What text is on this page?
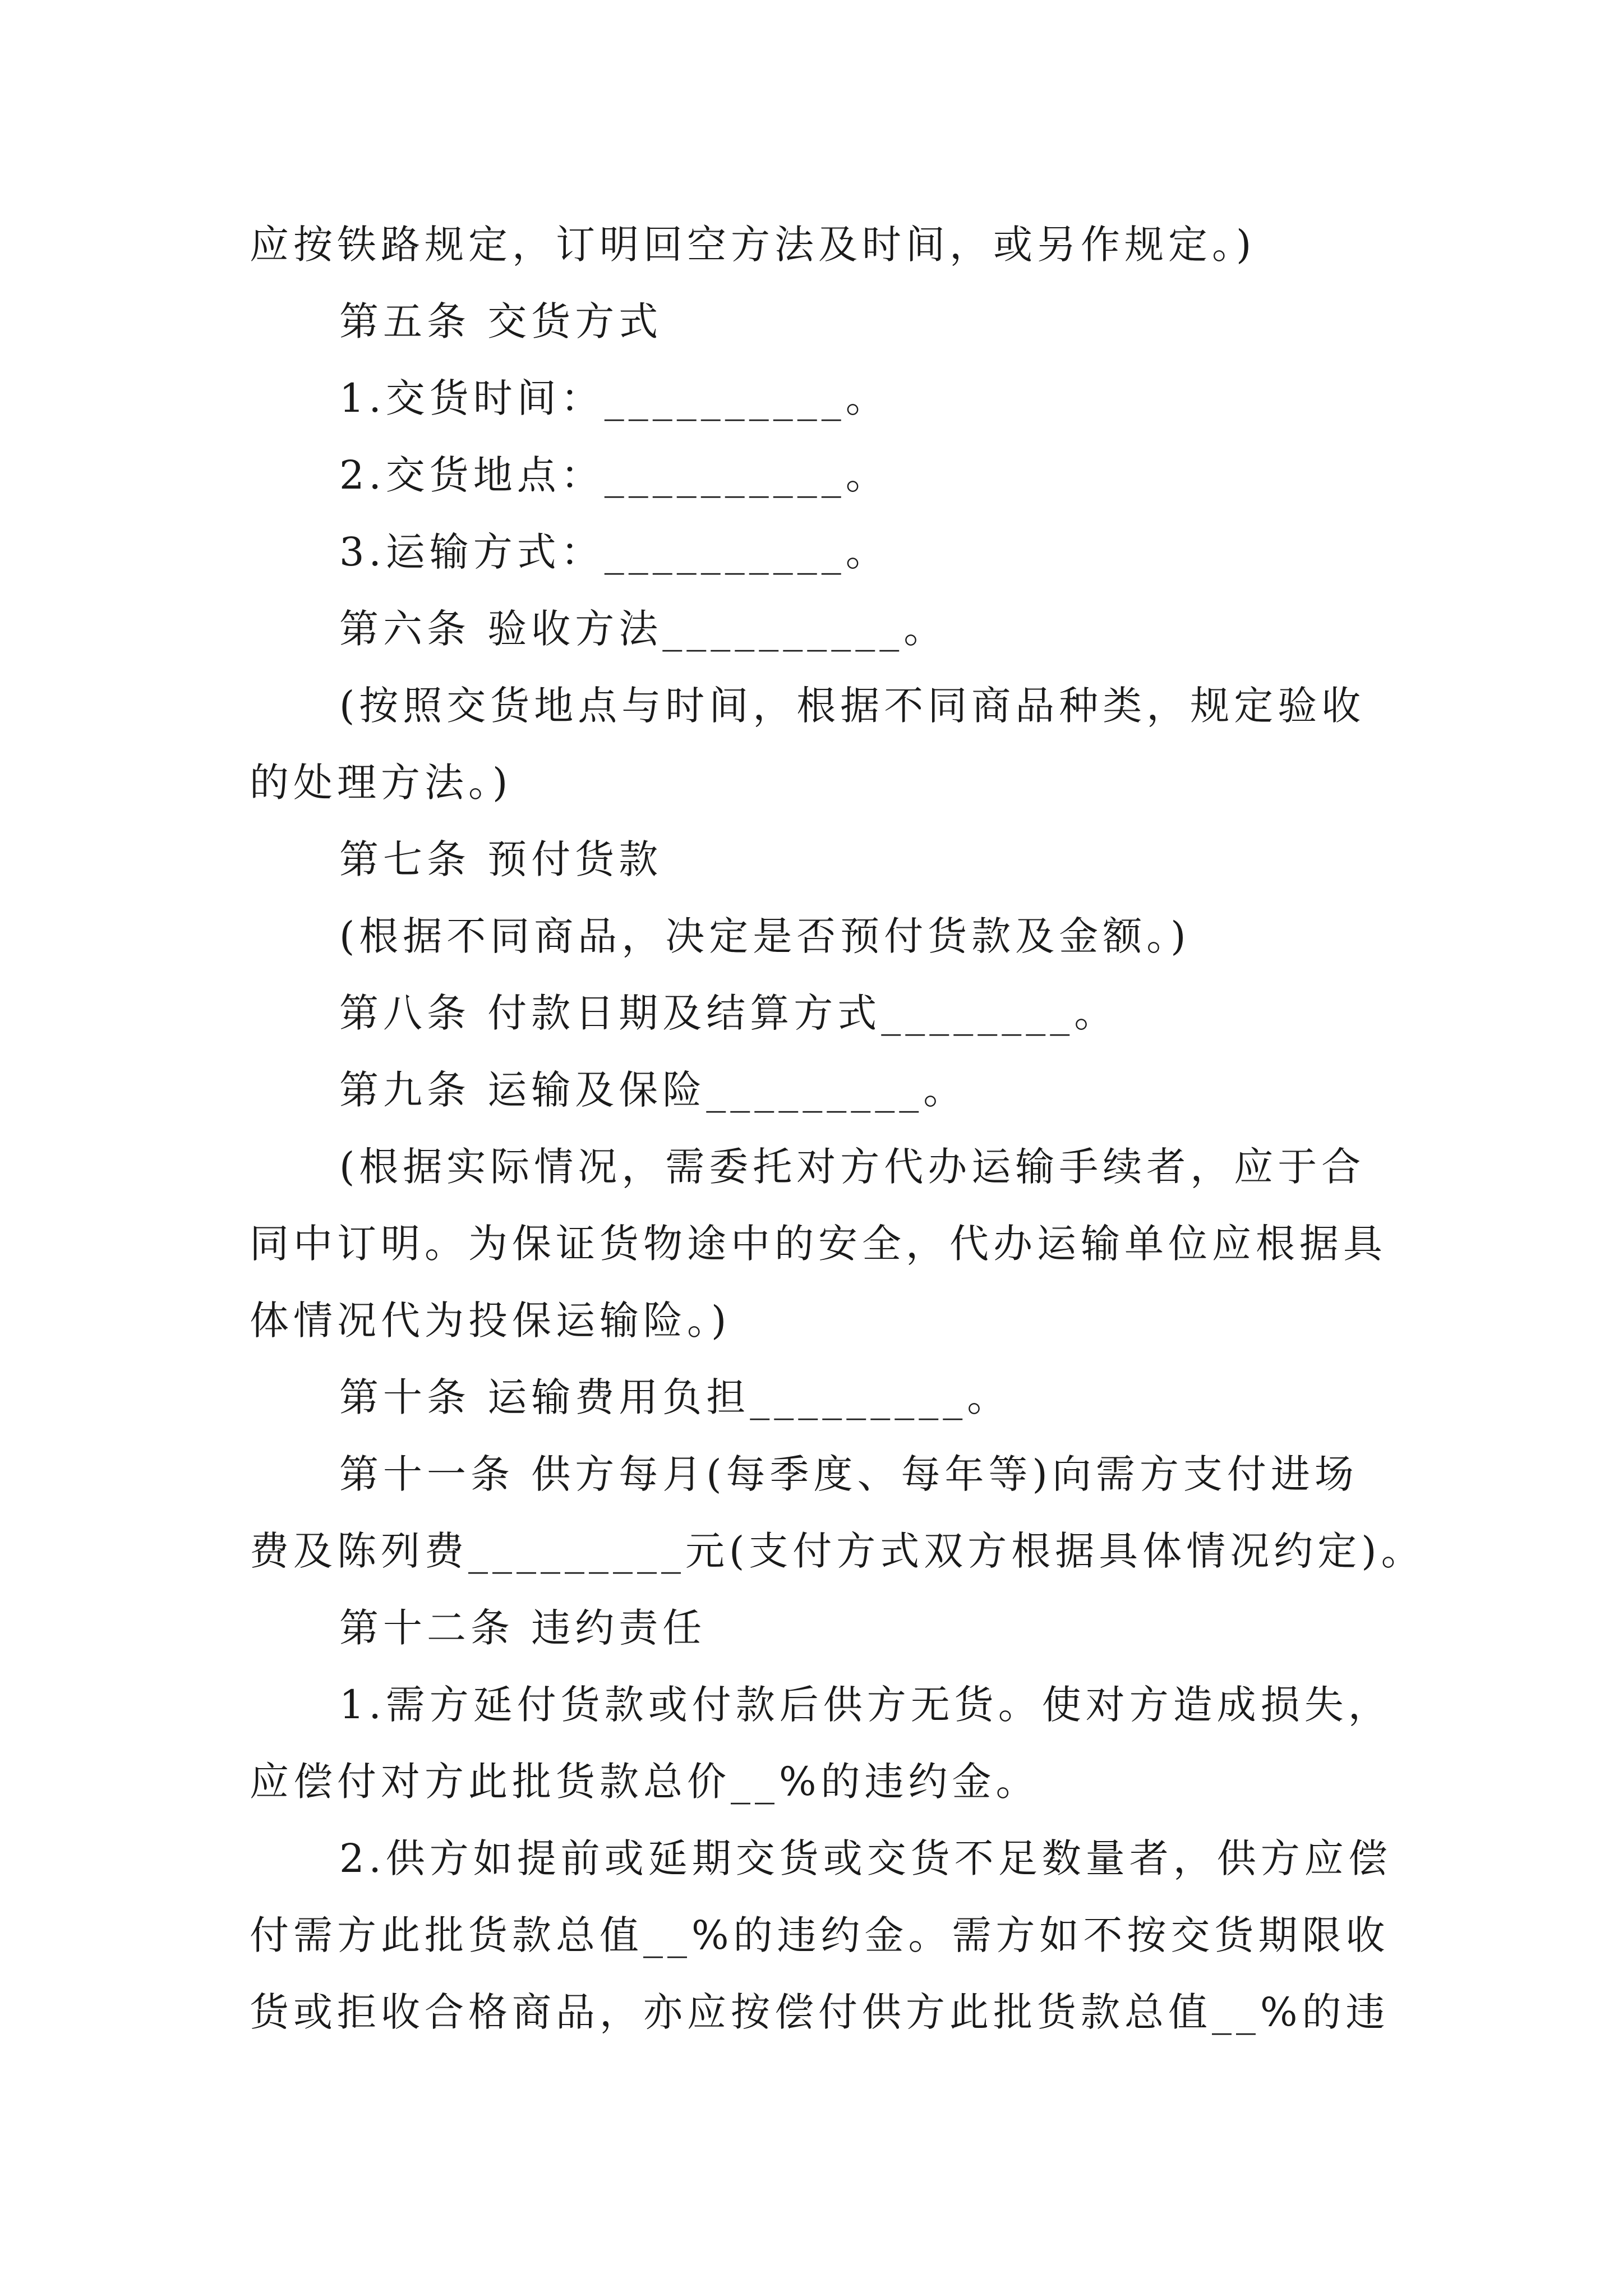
应按铁路规定，订明回空方法及时间，或另作规定。)
第五条 交货方式
1.交货时间：__________。
2.交货地点：__________。
3.运输方式：__________。
第六条 验收方法__________。
(按照交货地点与时间，根据不同商品种类，规定验收
的处理方法。)
第七条 预付货款
(根据不同商品，决定是否预付货款及金额。)
第八条 付款日期及结算方式________。
第九条 运输及保险_________。
(根据实际情况，需委托对方代办运输手续者，应于合
同中订明。为保证货物途中的安全，代办运输单位应根据具
体情况代为投保运输险。)
第十条 运输费用负担_________。
第十一条 供方每月(每季度、每年等)向需方支付进场
费及陈列费_________元(支付方式双方根据具体情况约定)。
第十二条 违约责任
1.需方延付货款或付款后供方无货。使对方造成损失，
应偿付对方此批货款总价__%的违约金。
2.供方如提前或延期交货或交货不足数量者，供方应偿
付需方此批货款总值__%的违约金。需方如不按交货期限收
货或拒收合格商品，亦应按偿付供方此批货款总值__%的违
